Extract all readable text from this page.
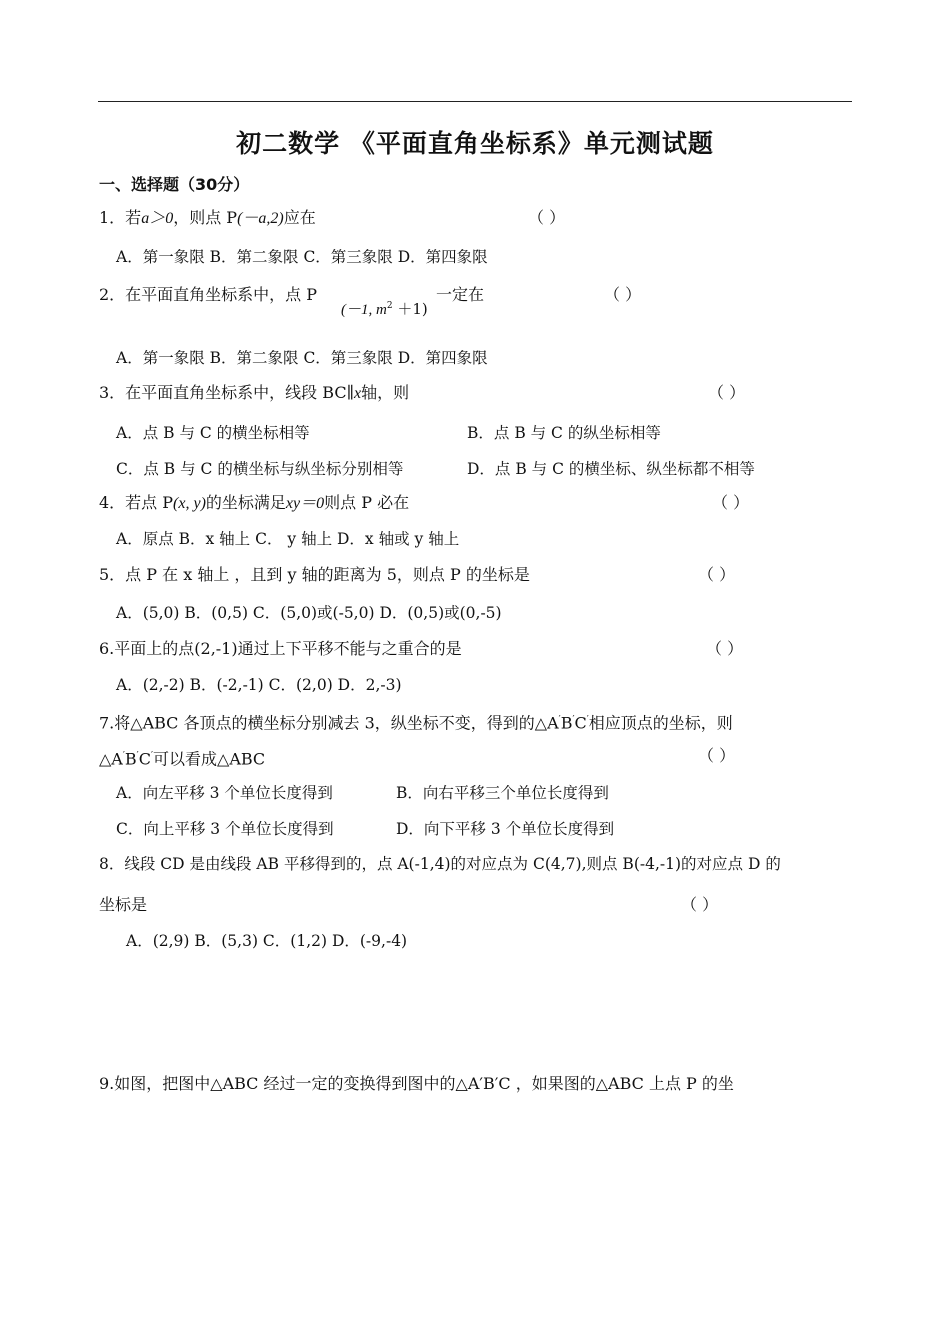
初二数学 《平面直角坐标系》单元测试题
一、选择题（30分）
1．若a＞0，则点 P(－a,2)应在	（ ）
A．第一象限 B．第二象限 C．第三象限 D．第四象限
2．在平面直角坐标系中，点 P	一定在
(－1, $m^2 +1$)
（ ）
A．第一象限 B．第二象限 C．第三象限 D．第四象限
3．在平面直角坐标系中，线段 BC∥x轴，则	（ ）
A．点 B 与 C 的横坐标相等	B．点 B 与 C 的纵坐标相等
C．点 B 与 C 的横坐标与纵坐标分别相等	D．点 B 与 C 的横坐标、纵坐标都不相等
4．若点 P(x, y)的坐标满足xy＝0则点 P 必在	（ ）
A．原点 B．x 轴上 C． y 轴上 D．x 轴或 y 轴上
5．点 P 在 x 轴上 ，且到 y 轴的距离为 5，则点 P 的坐标是	（ ）
A．(5,0) B．(0,5) C．(5,0)或(-5,0) D．(0,5)或(0,-5)
6.平面上的点(2,-1)通过上下平移不能与之重合的是	（ ）
A．(2,-2) B．(-2,-1) C．(2,0) D．2,-3)
7.将△ABC 各顶点的横坐标分别减去 3，纵坐标不变，得到的△A′B′C′相应顶点的坐标，则
△A′B′C′可以看成△ABC	（ ）
A．向左平移 3 个单位长度得到	B．向右平移三个单位长度得到
C．向上平移 3 个单位长度得到	D．向下平移 3 个单位长度得到
8．线段 CD 是由线段 AB 平移得到的，点 A(-1,4)的对应点为 C(4,7),则点 B(-4,-1)的对应点 D 的
坐标是	（ ）
A．(2,9) B．(5,3) C．(1,2) D．(-9,-4)
9.如图，把图中△ABC 经过一定的变换得到图中的△A′B′C ，如果图的△ABC 上点 P 的坐
